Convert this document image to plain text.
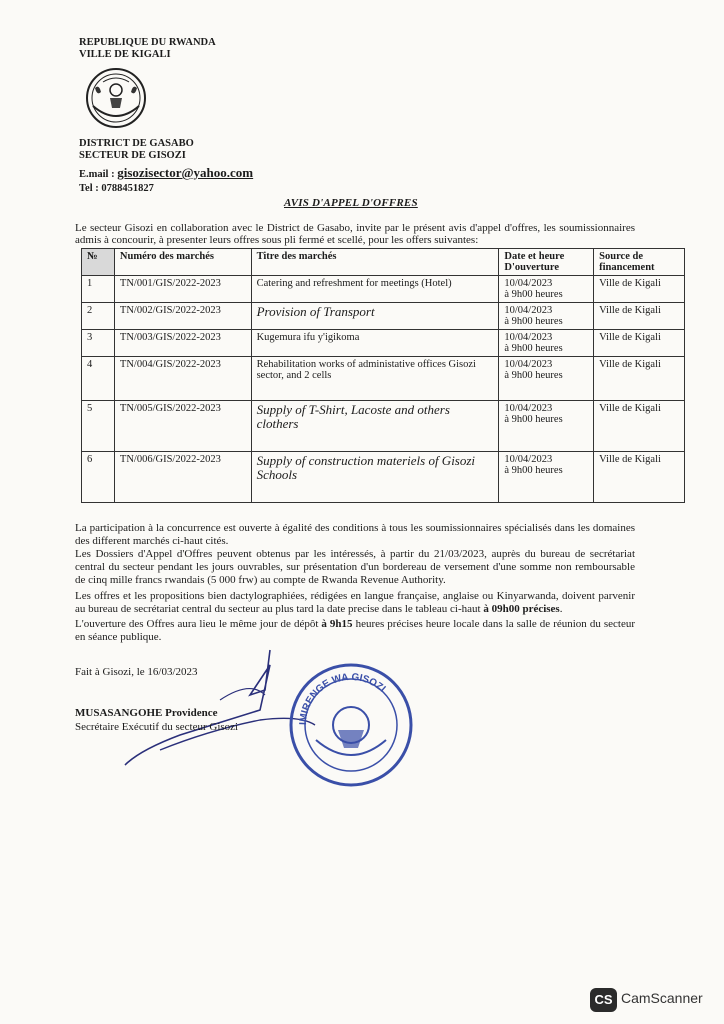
REPUBLIQUE DU RWANDA
VILLE DE KIGALI
DISTRICT DE GASABO
SECTEUR DE GISOZI
E.mail : gisozisector@yahoo.com
Tel : 0788451827
AVIS D'APPEL D'OFFRES
Le secteur Gisozi en collaboration avec le District de Gasabo, invite par le présent avis d'appel d'offres, les soumissionnaires admis à concourir, à presenter leurs offres sous pli fermé et scellé, pour les offers suivantes:
№	Numéro des marchés	Titre des marchés	Date et heure D'ouverture	Source de financement
1	TN/001/GIS/2022-2023	Catering and refreshment for meetings (Hotel)	10/04/2023
à 9h00 heures	Ville de Kigali
2	TN/002/GIS/2022-2023	Provision of Transport	10/04/2023
à 9h00 heures	Ville de Kigali
3	TN/003/GIS/2022-2023	Kugemura ifu y'igikoma	10/04/2023
à 9h00 heures	Ville de Kigali
4	TN/004/GIS/2022-2023	Rehabilitation works of administative offices Gisozi sector, and 2 cells	10/04/2023
à 9h00 heures	Ville de Kigali
5	TN/005/GIS/2022-2023	Supply of T-Shirt, Lacoste and others clothers	10/04/2023
à 9h00 heures	Ville de Kigali
6	TN/006/GIS/2022-2023	Supply of construction materiels of Gisozi Schools	10/04/2023
à 9h00 heures	Ville de Kigali
La participation à la concurrence est ouverte à égalité des conditions à tous les soumissionnaires spécialisés dans les domaines des different marchés ci-haut cités.
Les Dossiers d'Appel d'Offres peuvent obtenus par les intéressés, à partir du 21/03/2023, auprès du bureau de secrétariat central du secteur pendant les jours ouvrables, sur présentation d'un bordereau de versement d'une somme non remboursable de cinq mille francs rwandais (5 000 frw) au compte de Rwanda Revenue Authority.
Les offres et les propositions bien dactylographiées, rédigées en langue française, anglaise ou Kinyarwanda, doivent parvenir au bureau de secrétariat central du secteur au plus tard la date precise dans le tableau ci-haut à 09h00 précises.
L'ouverture des Offres aura lieu le même jour de dépôt à 9h15 heures précises heure locale dans la salle de réunion du secteur en séance publique.
Fait à Gisozi, le 16/03/2023
MUSASANGOHE Providence
Secrétaire Exécutif du secteur Gisozi	IMIRENGE WA GISOZI
CS CamScanner
